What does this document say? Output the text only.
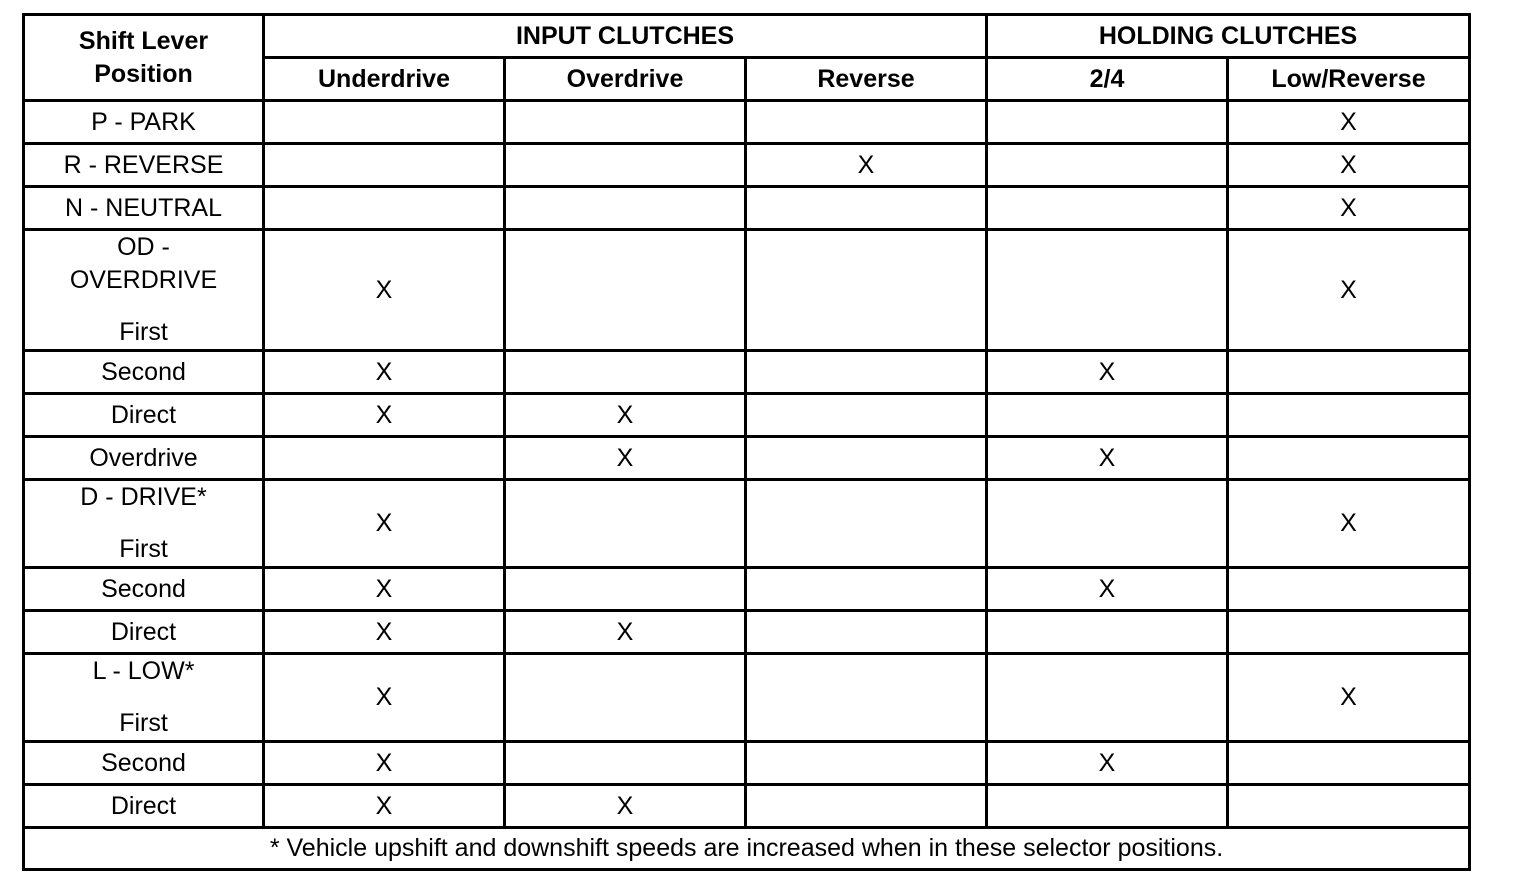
Shift Lever Position	INPUT CLUTCHES			HOLDING CLUTCHES	
	Underdrive	Overdrive	Reverse	2/4	Low/Reverse
P - PARK					X
R - REVERSE			X		X
N - NEUTRAL					X

OD - OVERDRIVE
First	X				X
Second	X			X	
Direct	X	X			
Overdrive		X		X	

D - DRIVE*
First	X				X
Second	X			X	
Direct	X	X			

L - LOW*
First	X				X
Second	X			X	
Direct	X	X			
* Vehicle upshift and downshift speeds are increased when in these selector positions.					
